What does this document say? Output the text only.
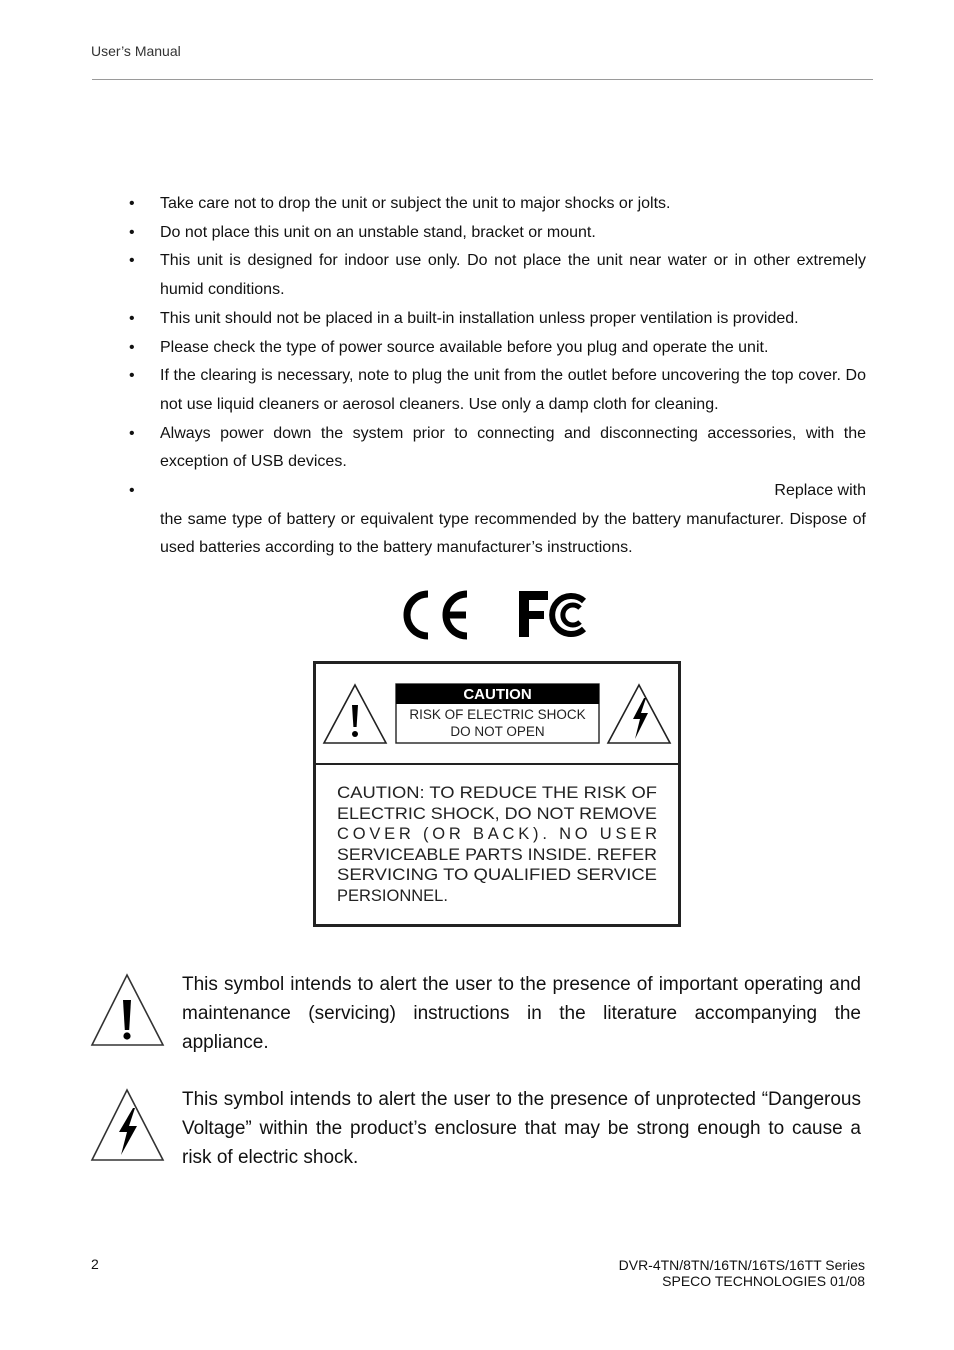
User’s Manual
• Take care not to drop the unit or subject the unit to major shocks or jolts.
• Do not place this unit on an unstable stand, bracket or mount.
• This unit is designed for indoor use only. Do not place the unit near water or in other extremely humid conditions.
• This unit should not be placed in a built-in installation unless proper ventilation is provided.
• Please check the type of power source available before you plug and operate the unit.
• If the clearing is necessary, note to plug the unit from the outlet before uncovering the top cover. Do not use liquid cleaners or aerosol cleaners. Use only a damp cloth for cleaning.
• Always power down the system prior to connecting and disconnecting accessories, with the exception of USB devices.
•	Replace with
the same type of battery or equivalent type recommended by the battery manufacturer. Dispose of used batteries according to the battery manufacturer’s instructions.
CAUTION
RISK OF ELECTRIC SHOCK
DO NOT OPEN
CAUTION: TO REDUCE THE RISK OF
ELECTRIC SHOCK, DO NOT REMOVE
COVER (OR BACK). NO USER
SERVICEABLE PARTS INSIDE. REFER
SERVICING TO QUALIFIED SERVICE
PERSIONNEL.
This symbol intends to alert the user to the presence of important operating and maintenance (servicing) instructions in the literature accompanying the appliance.
This symbol intends to alert the user to the presence of unprotected “Dangerous Voltage” within the product’s enclosure that may be strong enough to cause a risk of electric shock.
2	DVR-4TN/8TN/16TN/16TS/16TT Series
SPECO TECHNOLOGIES 01/08
